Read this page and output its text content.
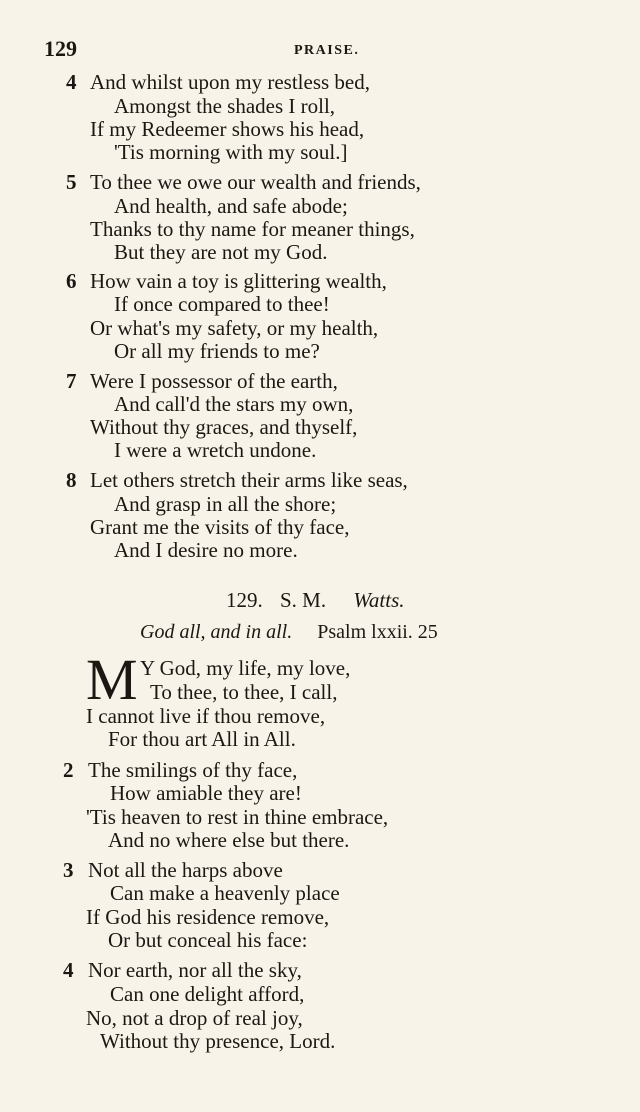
129	PRAISE.
4 And whilst upon my restless bed,
Amongst the shades I roll,
If my Redeemer shows his head,
'Tis morning with my soul.]
5 To thee we owe our wealth and friends,
And health, and safe abode;
Thanks to thy name for meaner things,
But they are not my God.
6 How vain a toy is glittering wealth,
If once compared to thee!
Or what's my safety, or my health,
Or all my friends to me?
7 Were I possessor of the earth,
And call'd the stars my own,
Without thy graces, and thyself,
I were a wretch undone.
8 Let others stretch their arms like seas,
And grasp in all the shore;
Grant me the visits of thy face,
And I desire no more.
129. S. M. Watts.
God all, and in all. Psalm lxxii. 25
M Y God, my life, my love,
To thee, to thee, I call,
I cannot live if thou remove,
For thou art All in All.
2 The smilings of thy face,
How amiable they are!
'Tis heaven to rest in thine embrace,
And no where else but there.
3 Not all the harps above
Can make a heavenly place
If God his residence remove,
Or but conceal his face:
4 Nor earth, nor all the sky,
Can one delight afford,
No, not a drop of real joy,
Without thy presence, Lord.
